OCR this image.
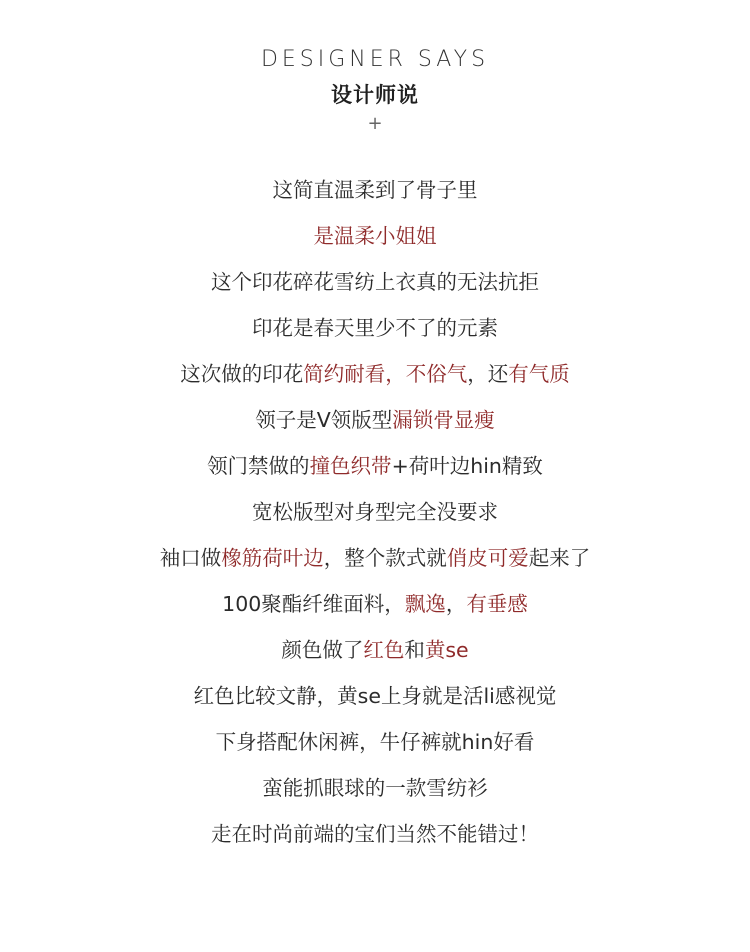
DESIGNER SAYS
设计师说
+
这简直温柔到了骨子里
是温柔小姐姐
这个印花碎花雪纺上衣真的无法抗拒
印花是春天里少不了的元素
这次做的印花简约耐看，不俗气，还有气质
领子是V领版型漏锁骨显瘦
领门禁做的撞色织带+荷叶边hin精致
宽松版型对身型完全没要求
袖口做橡筋荷叶边，整个款式就俏皮可爱起来了
100聚酯纤维面料，飘逸，有垂感
颜色做了红色和黄se
红色比较文静，黄se上身就是活li感视觉
下身搭配休闲裤，牛仔裤就hin好看
蛮能抓眼球的一款雪纺衫
走在时尚前端的宝们当然不能错过！
